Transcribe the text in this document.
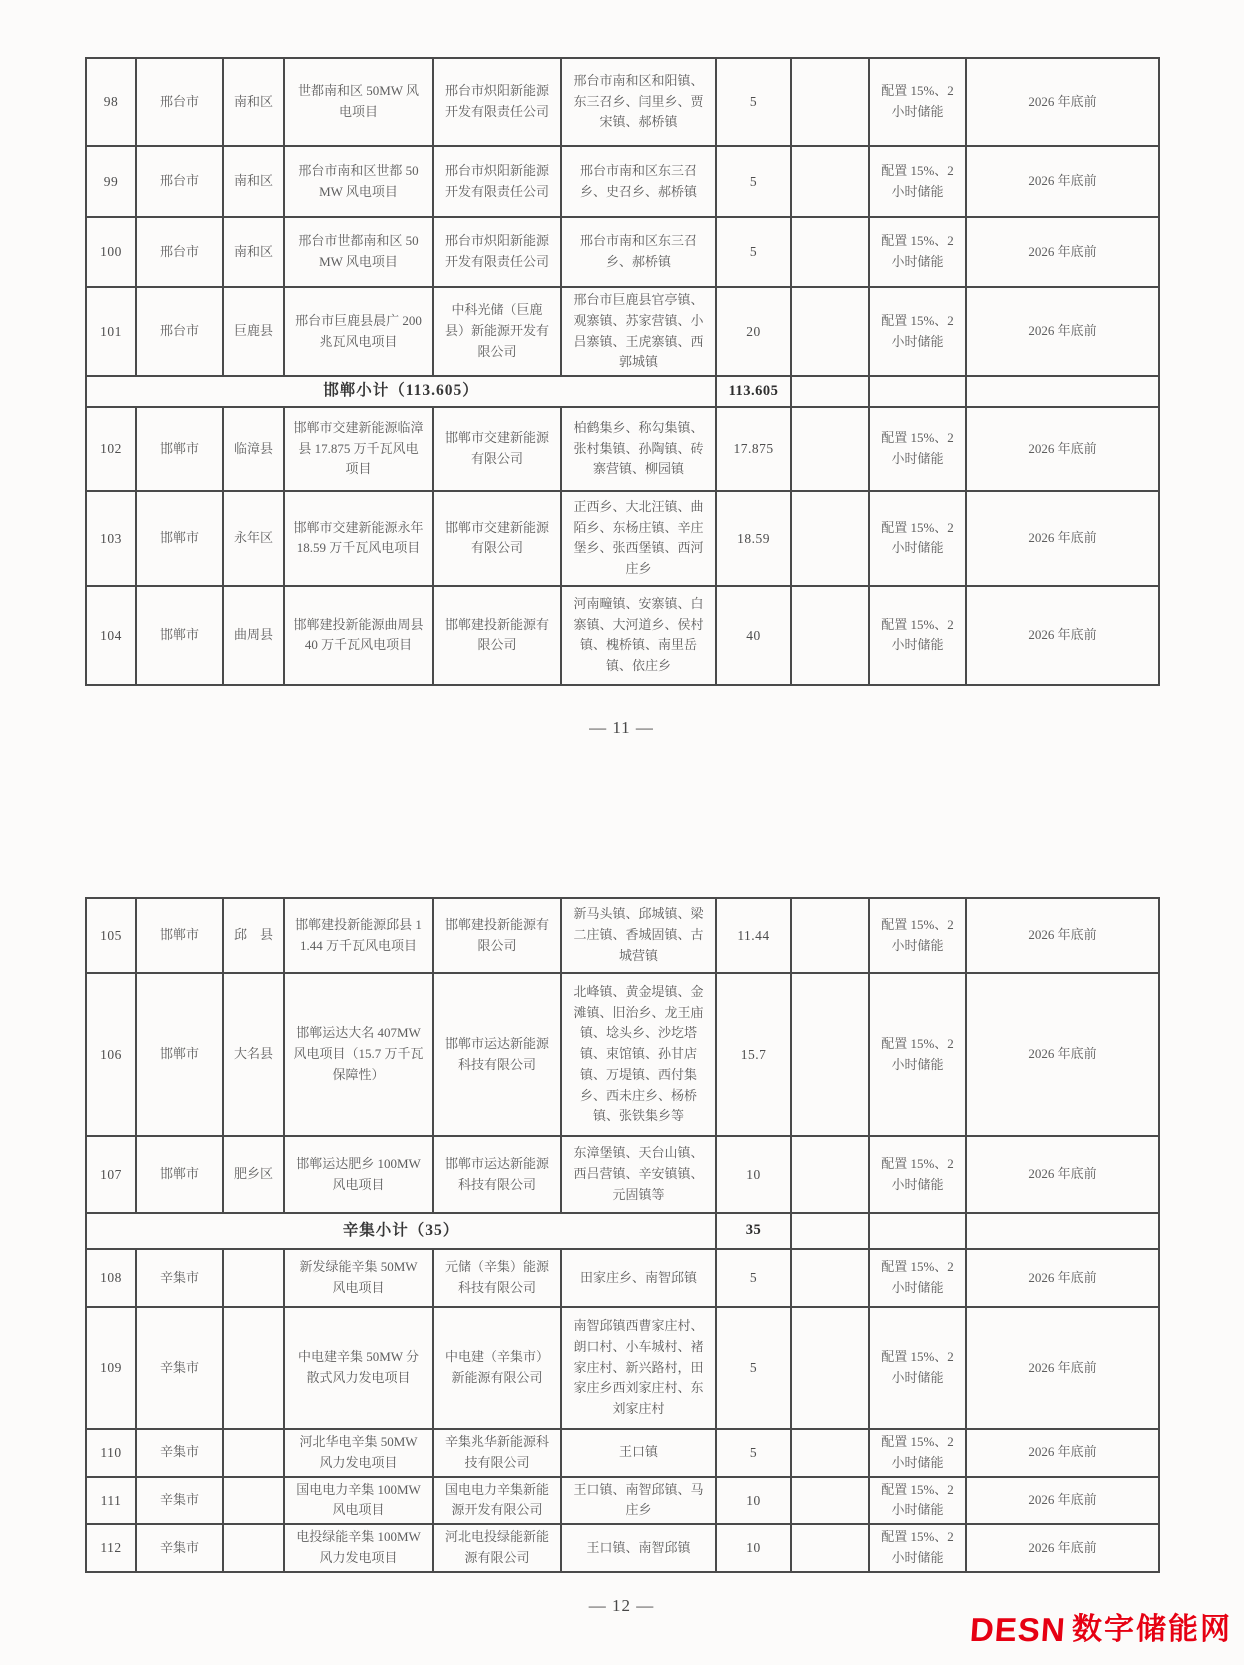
98	邢台市	南和区	世都南和区 50MW 风电项目	邢台市炽阳新能源开发有限责任公司	邢台市南和区和阳镇、东三召乡、闫里乡、贾宋镇、郝桥镇	5		配置 15%、2 小时储能	2026 年底前
99	邢台市	南和区	邢台市南和区世都 50MW 风电项目	邢台市炽阳新能源开发有限责任公司	邢台市南和区东三召乡、史召乡、郝桥镇	5		配置 15%、2 小时储能	2026 年底前
100	邢台市	南和区	邢台市世都南和区 50MW 风电项目	邢台市炽阳新能源开发有限责任公司	邢台市南和区东三召乡、郝桥镇	5		配置 15%、2 小时储能	2026 年底前
101	邢台市	巨鹿县	邢台市巨鹿县晨广 200 兆瓦风电项目	中科光储（巨鹿县）新能源开发有限公司	邢台市巨鹿县官亭镇、观寨镇、苏家营镇、小吕寨镇、王虎寨镇、西郭城镇	20		配置 15%、2 小时储能	2026 年底前
邯郸小计（113.605）						113.605			
102	邯郸市	临漳县	邯郸市交建新能源临漳县 17.875 万千瓦风电项目	邯郸市交建新能源有限公司	柏鹤集乡、称勾集镇、张村集镇、孙陶镇、砖寨营镇、柳园镇	17.875		配置 15%、2 小时储能	2026 年底前
103	邯郸市	永年区	邯郸市交建新能源永年 18.59 万千瓦风电项目	邯郸市交建新能源有限公司	正西乡、大北汪镇、曲陌乡、东杨庄镇、辛庄堡乡、张西堡镇、西河庄乡	18.59		配置 15%、2 小时储能	2026 年底前
104	邯郸市	曲周县	邯郸建投新能源曲周县 40 万千瓦风电项目	邯郸建投新能源有限公司	河南疃镇、安寨镇、白寨镇、大河道乡、侯村镇、槐桥镇、南里岳镇、依庄乡	40		配置 15%、2 小时储能	2026 年底前
— 11 —
105	邯郸市	邱　县	邯郸建投新能源邱县 11.44 万千瓦风电项目	邯郸建投新能源有限公司	新马头镇、邱城镇、梁二庄镇、香城固镇、古城营镇	11.44		配置 15%、2 小时储能	2026 年底前
106	邯郸市	大名县	邯郸运达大名 407MW 风电项目（15.7 万千瓦保障性）	邯郸市运达新能源科技有限公司	北峰镇、黄金堤镇、金滩镇、旧治乡、龙王庙镇、埝头乡、沙圪塔镇、束馆镇、孙甘店镇、万堤镇、西付集乡、西未庄乡、杨桥镇、张铁集乡等	15.7		配置 15%、2 小时储能	2026 年底前
107	邯郸市	肥乡区	邯郸运达肥乡 100MW 风电项目	邯郸市运达新能源科技有限公司	东漳堡镇、天台山镇、西吕营镇、辛安镇镇、元固镇等	10		配置 15%、2 小时储能	2026 年底前
辛集小计（35）						35			
108	辛集市		新发绿能辛集 50MW 风电项目	元储（辛集）能源科技有限公司	田家庄乡、南智邱镇	5		配置 15%、2 小时储能	2026 年底前
109	辛集市		中电建辛集 50MW 分散式风力发电项目	中电建（辛集市）新能源有限公司	南智邱镇西曹家庄村、朗口村、小车城村、褚家庄村、新兴路村，田家庄乡西刘家庄村、东刘家庄村	5		配置 15%、2 小时储能	2026 年底前
110	辛集市		河北华电辛集 50MW 风力发电项目	辛集兆华新能源科技有限公司	王口镇	5		配置 15%、2 小时储能	2026 年底前
111	辛集市		国电电力辛集 100MW 风电项目	国电电力辛集新能源开发有限公司	王口镇、南智邱镇、马庄乡	10		配置 15%、2 小时储能	2026 年底前
112	辛集市		电投绿能辛集 100MW 风力发电项目	河北电投绿能新能源有限公司	王口镇、南智邱镇	10		配置 15%、2 小时储能	2026 年底前
— 12 —
DESN 数字储能网
